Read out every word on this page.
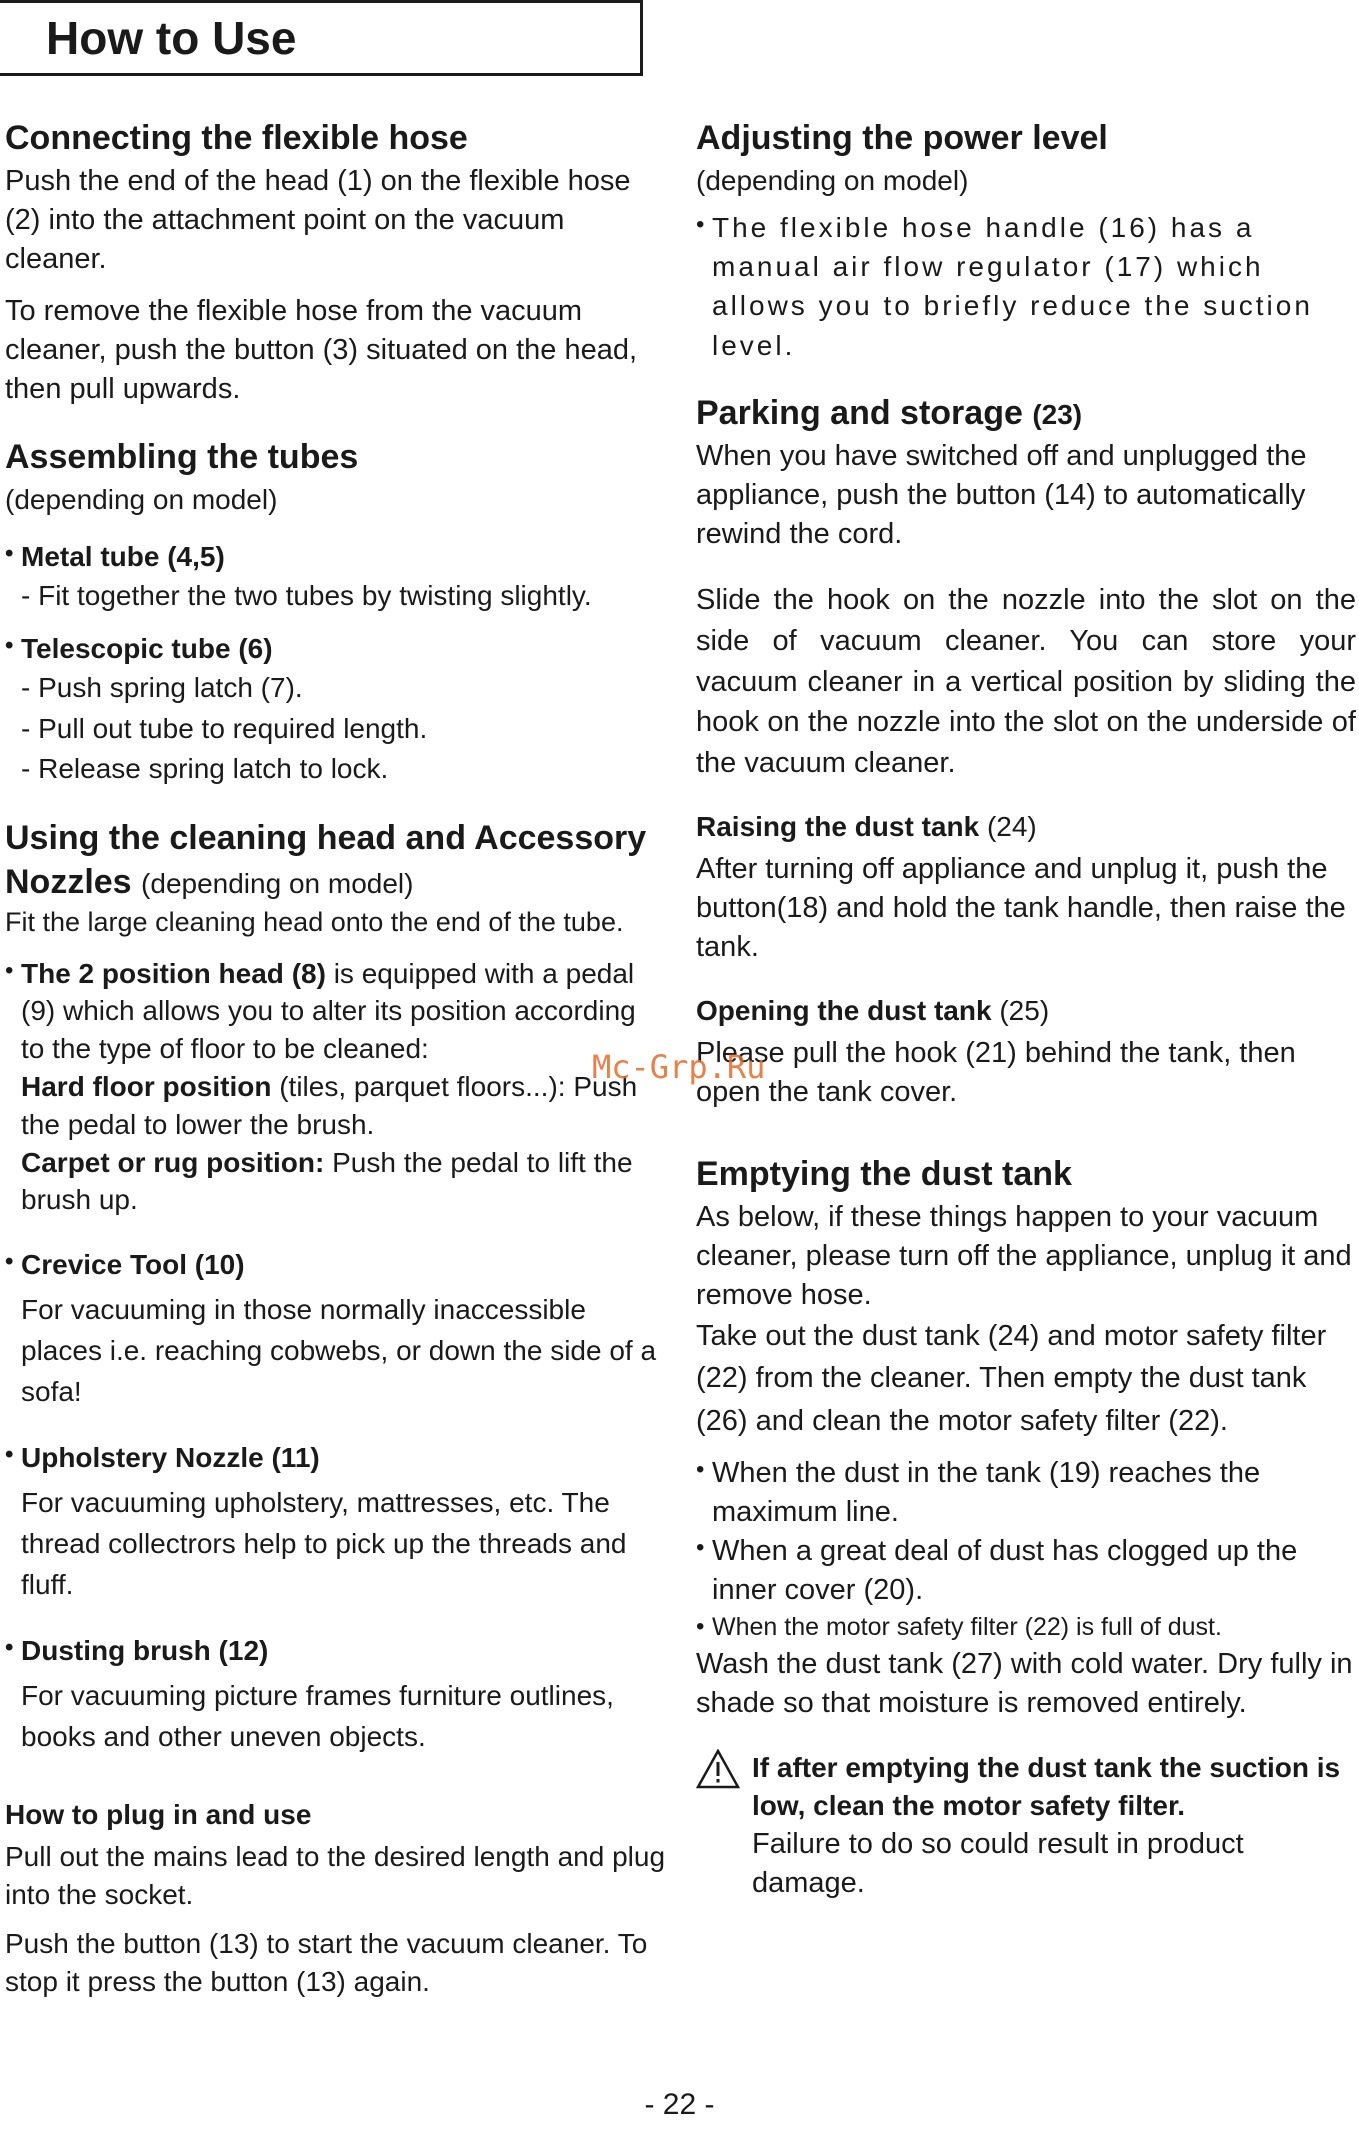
How to Use
Connecting the flexible hose

Push the end of the head (1) on the flexible hose (2) into the attachment point on the vacuum cleaner.

To remove the flexible hose from the vacuum cleaner, push the button (3) situated on the head, then pull upwards.

Assembling the tubes

(depending on model)

• Metal tube (4,5)
- Fit together the two tubes by twisting slightly.
• Telescopic tube (6)
- Push spring latch (7).
- Pull out tube to required length.
- Release spring latch to lock.
Using the cleaning head and Accessory Nozzles (depending on model)

Fit the large cleaning head onto the end of the tube.

• The 2 position head (8) is equipped with a pedal (9) which allows you to alter its position according to the type of floor to be cleaned:
Hard floor position (tiles, parquet floors...): Push the pedal to lower the brush.
Carpet or rug position: Push the pedal to lift the brush up.
• Crevice Tool (10)
For vacuuming in those normally inaccessible places i.e. reaching cobwebs, or down the side of a sofa!
• Upholstery Nozzle (11)
For vacuuming upholstery, mattresses, etc. The thread collectrors help to pick up the threads and fluff.
• Dusting brush (12)
For vacuuming picture frames furniture outlines, books and other uneven objects.
How to plug in and use

Pull out the mains lead to the desired length and plug into the socket.

Push the button (13) to start the vacuum cleaner. To stop it press the button (13) again.

Adjusting the power level

(depending on model)

• The flexible hose handle (16) has a manual air flow regulator (17) which allows you to briefly reduce the suction level.
Parking and storage (23)

When you have switched off and unplugged the appliance, push the button (14) to automatically rewind the cord.

Slide the hook on the nozzle into the slot on the side of vacuum cleaner. You can store your vacuum cleaner in a vertical position by sliding the hook on the nozzle into the slot on the underside of the vacuum cleaner.

Raising the dust tank (24)

After turning off appliance and unplug it, push the button(18) and hold the tank handle, then raise the tank.

Opening the dust tank (25)

Please pull the hook (21) behind the tank, then open the tank cover.

Emptying the dust tank

As below, if these things happen to your vacuum cleaner, please turn off the appliance, unplug it and remove hose.

Take out the dust tank (24) and motor safety filter (22) from the cleaner. Then empty the dust tank (26) and clean the motor safety filter (22).

• When the dust in the tank (19) reaches the maximum line.
• When a great deal of dust has clogged up the inner cover (20).
• When the motor safety filter (22) is full of dust.

Wash the dust tank (27) with cold water. Dry fully in shade so that moisture is removed entirely.

If after emptying the dust tank the suction is low, clean the motor safety filter.

Failure to do so could result in product damage.

Mc-Grp.Ru
- 22 -
